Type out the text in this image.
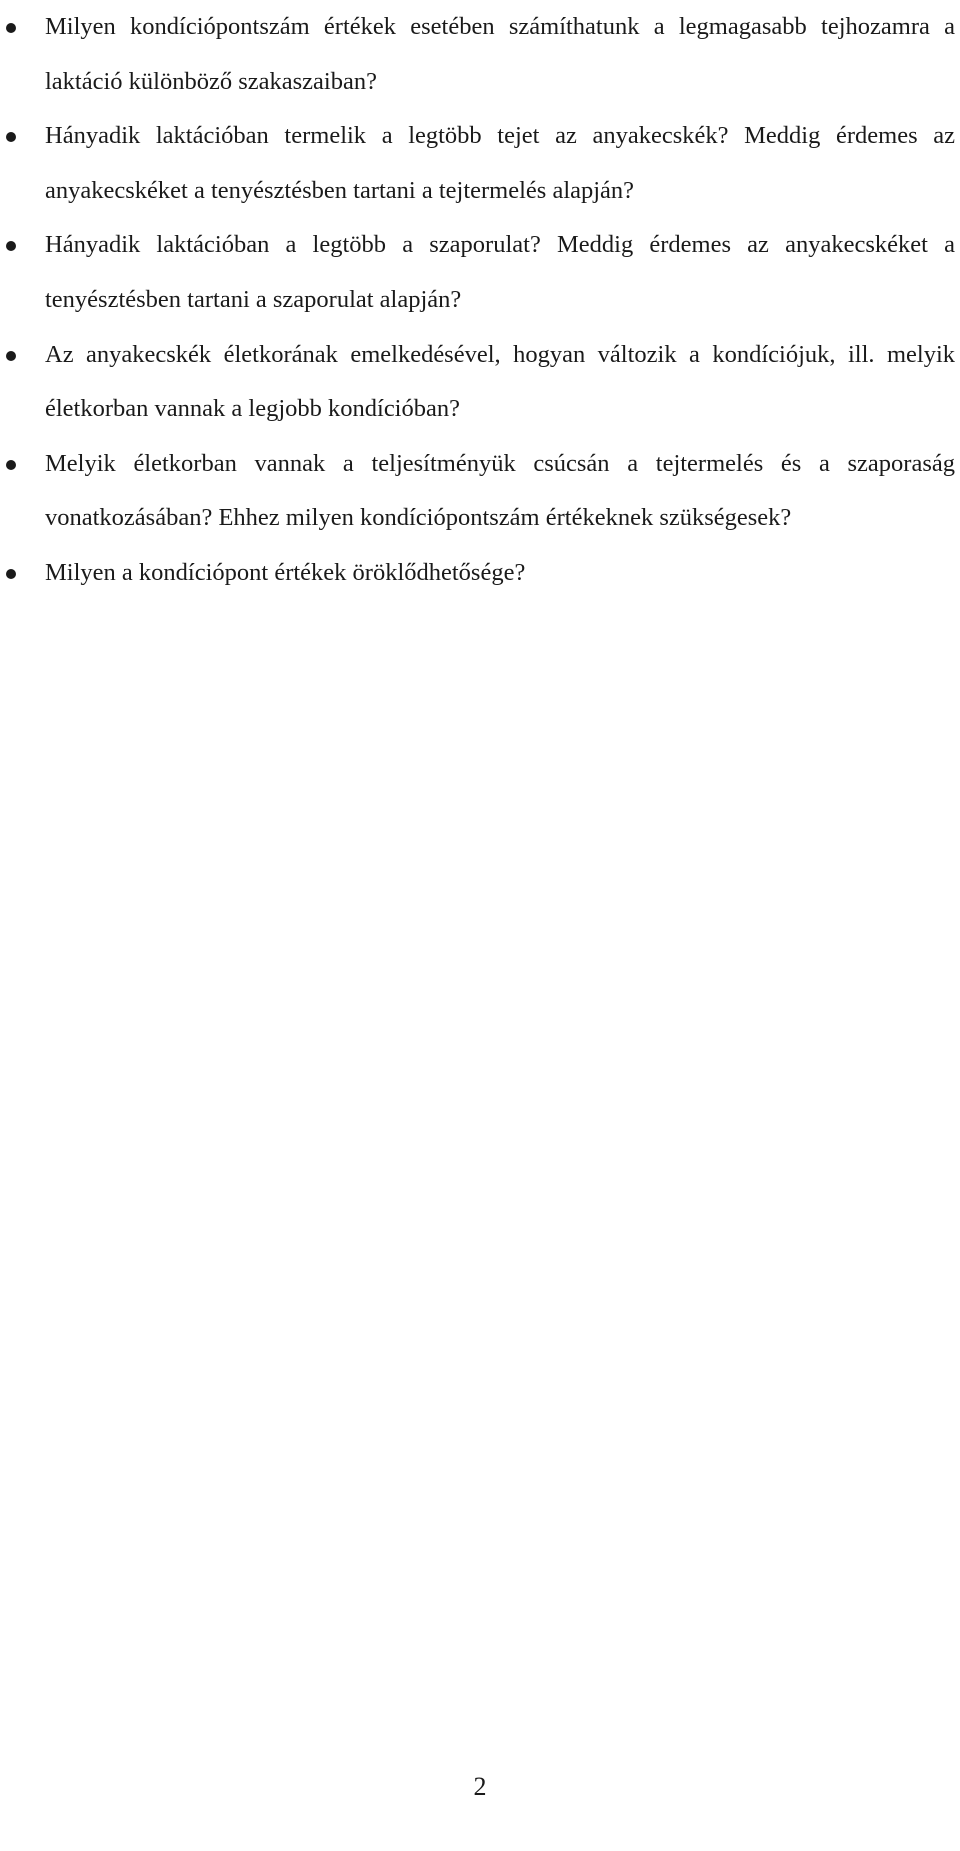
Milyen kondíciópontszám értékek esetében számíthatunk a legmagasabb tejhozamra a laktáció különböző szakaszaiban?
Hányadik laktációban termelik a legtöbb tejet az anyakecskék? Meddig érdemes az anyakecskéket a tenyésztésben tartani a tejtermelés alapján?
Hányadik laktációban a legtöbb a szaporulat? Meddig érdemes az anyakecskéket a tenyésztésben tartani a szaporulat alapján?
Az anyakecskék életkorának emelkedésével, hogyan változik a kondíciójuk, ill. melyik életkorban vannak a legjobb kondícióban?
Melyik életkorban vannak a teljesítményük csúcsán a tejtermelés és a szaporaság vonatkozásában? Ehhez milyen kondíciópontszám értékeknek szükségesek?
Milyen a kondíciópont értékek öröklődhetősége?
2
